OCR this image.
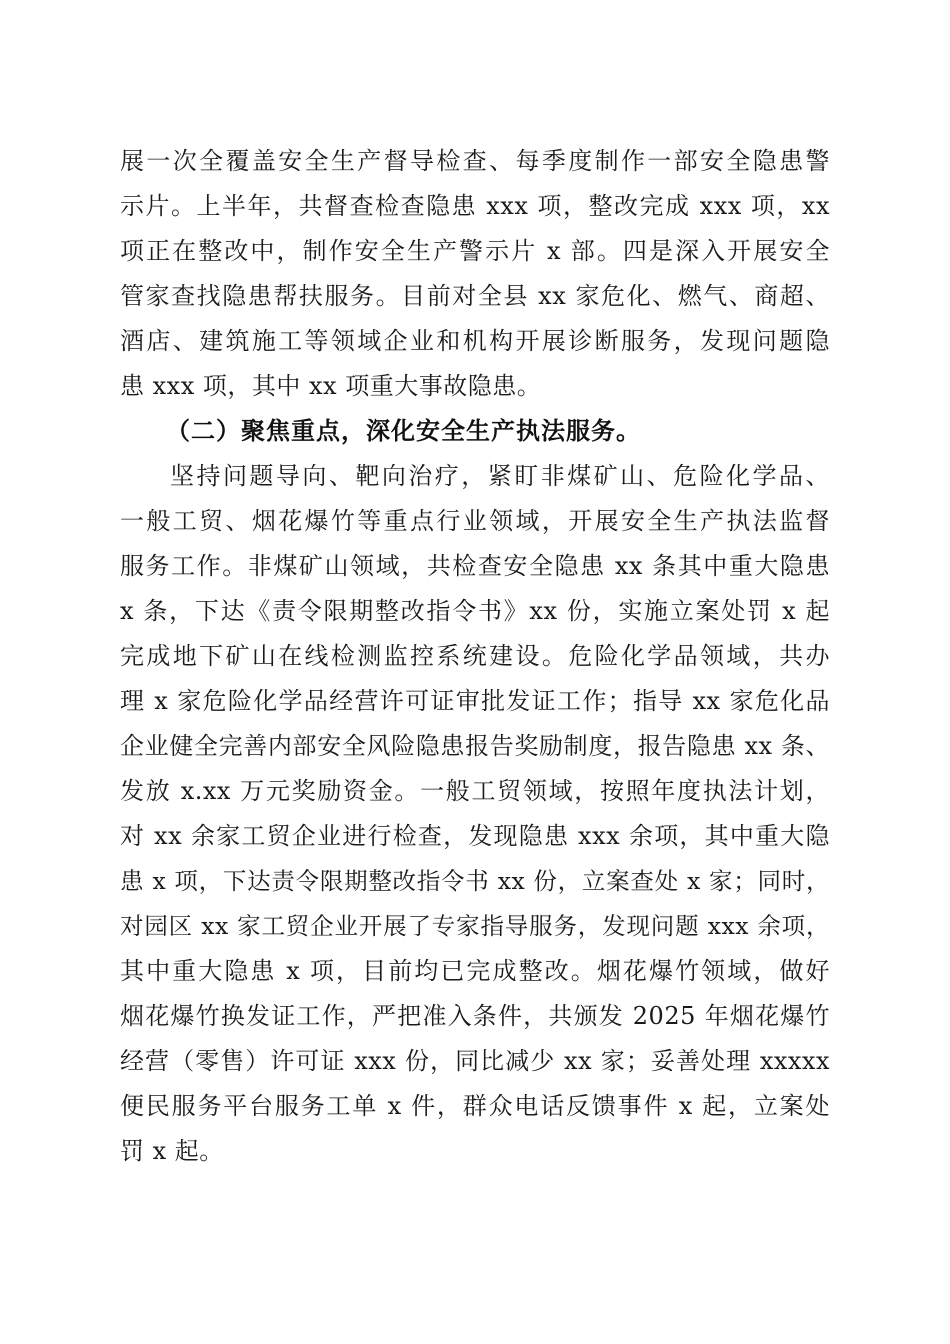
展一次全覆盖安全生产督导检查、每季度制作一部安全隐患警
示片。上半年，共督查检查隐患 xxx 项，整改完成 xxx 项，xx
项正在整改中，制作安全生产警示片 x 部。四是深入开展安全
管家查找隐患帮扶服务。目前对全县 xx 家危化、燃气、商超、
酒店、建筑施工等领域企业和机构开展诊断服务，发现问题隐
患 xxx 项，其中 xx 项重大事故隐患。
（二）聚焦重点，深化安全生产执法服务。
坚持问题导向、靶向治疗，紧盯非煤矿山、危险化学品、
一般工贸、烟花爆竹等重点行业领域，开展安全生产执法监督
服务工作。非煤矿山领域，共检查安全隐患 xx 条其中重大隐患
x 条，下达《责令限期整改指令书》xx 份，实施立案处罚 x 起
完成地下矿山在线检测监控系统建设。危险化学品领域，共办
理 x 家危险化学品经营许可证审批发证工作；指导 xx 家危化品
企业健全完善内部安全风险隐患报告奖励制度，报告隐患 xx 条、
发放 x.xx 万元奖励资金。一般工贸领域，按照年度执法计划，
对 xx 余家工贸企业进行检查，发现隐患 xxx 余项，其中重大隐
患 x 项，下达责令限期整改指令书 xx 份，立案查处 x 家；同时，
对园区 xx 家工贸企业开展了专家指导服务，发现问题 xxx 余项，
其中重大隐患 x 项，目前均已完成整改。烟花爆竹领域，做好
烟花爆竹换发证工作，严把准入条件，共颁发 2025 年烟花爆竹
经营（零售）许可证 xxx 份，同比减少 xx 家；妥善处理 xxxxx
便民服务平台服务工单 x 件，群众电话反馈事件 x 起，立案处
罚 x 起。
